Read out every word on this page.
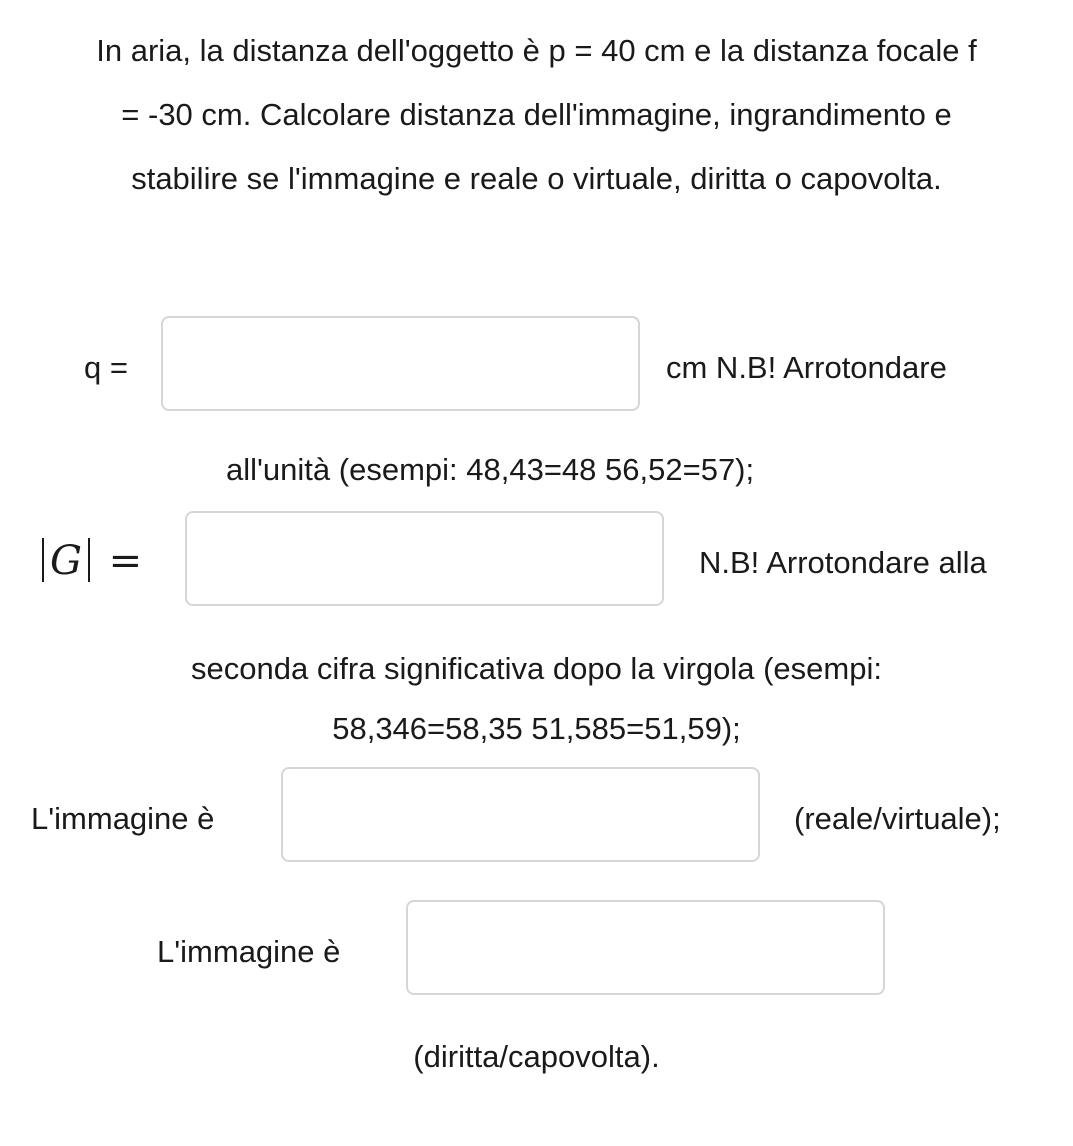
In aria, la distanza dell'oggetto è p = 40 cm e la distanza focale f
= -30 cm. Calcolare distanza dell'immagine, ingrandimento e
stabilire se l'immagine e reale o virtuale, diritta o capovolta.
q =	cm N.B! Arrotondare
all'unità (esempi: 48,43=48 56,52=57);
G =	N.B! Arrotondare alla
seconda cifra significativa dopo la virgola (esempi:
58,346=58,35 51,585=51,59);
L'immagine è	(reale/virtuale);
L'immagine è
(diritta/capovolta).
